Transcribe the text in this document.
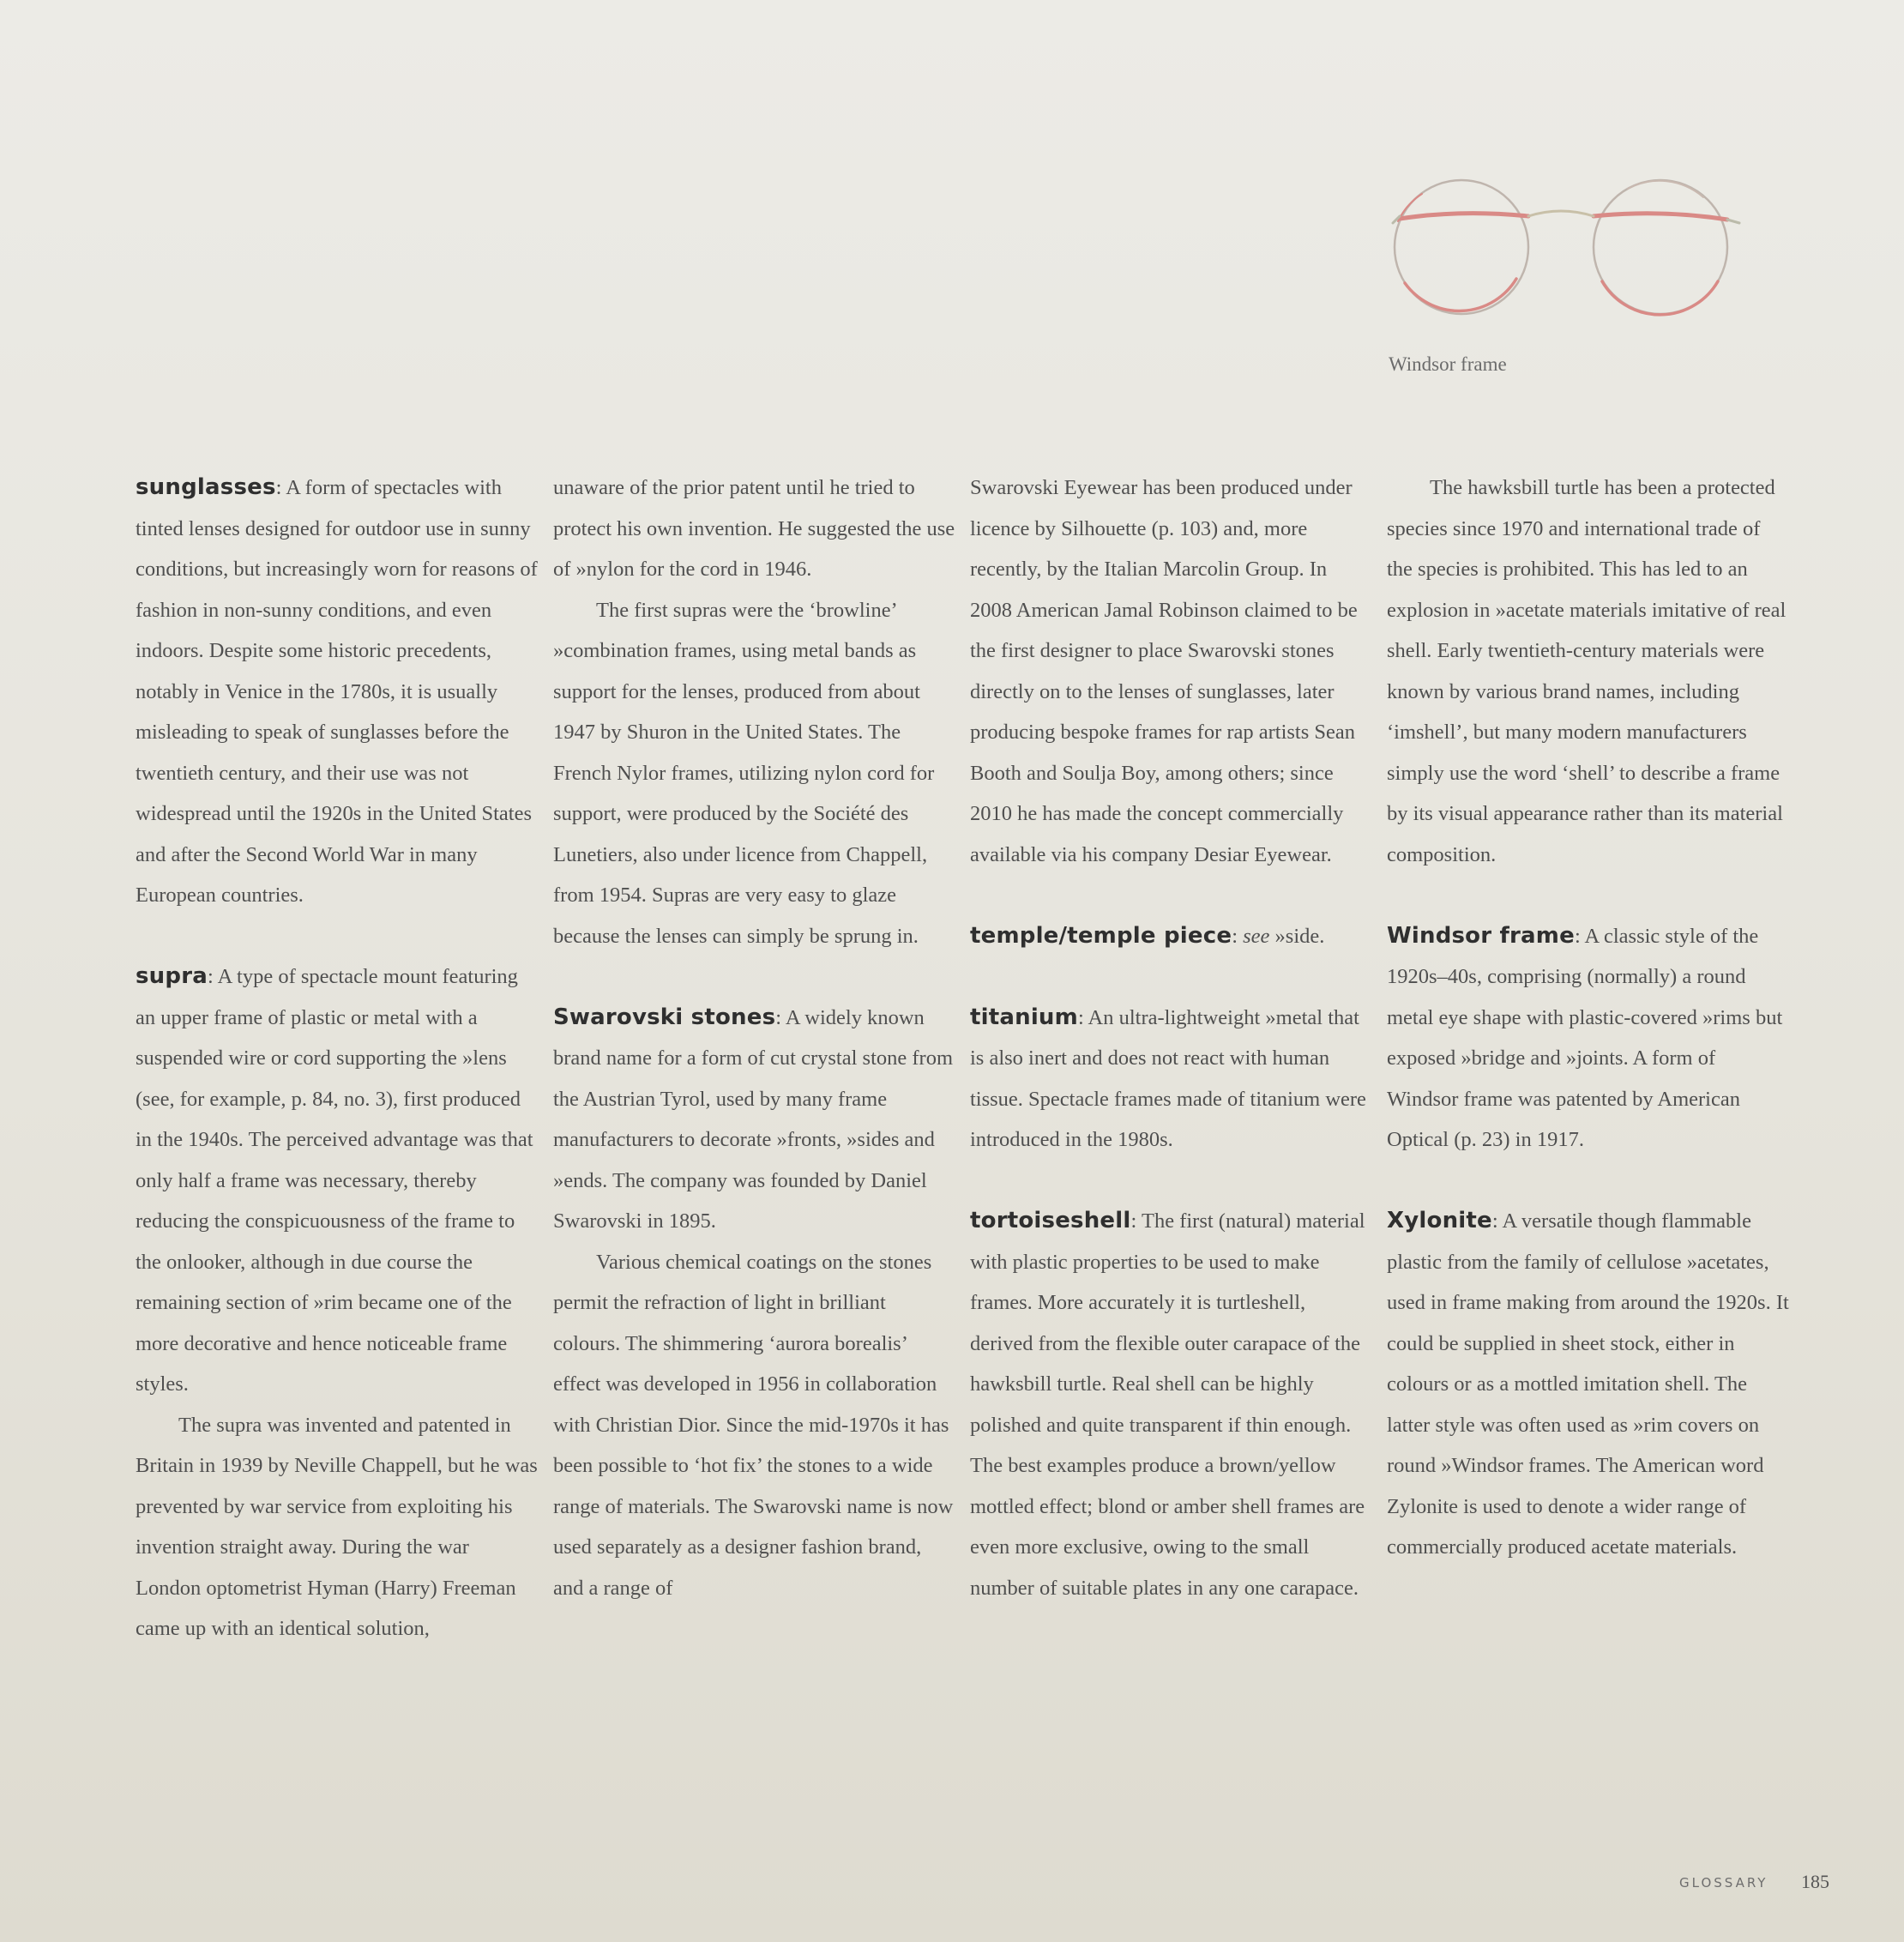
Windsor frame

sunglasses: A form of spectacles with tinted lenses designed for outdoor use in sunny conditions, but increasingly worn for reasons of fashion in non-sunny conditions, and even indoors. Despite some historic precedents, notably in Venice in the 1780s, it is usually misleading to speak of sunglasses before the twentieth century, and their use was not widespread until the 1920s in the United States and after the Second World War in many European countries.

supra: A type of spectacle mount featuring an upper frame of plastic or metal with a suspended wire or cord supporting the »lens (see, for example, p. 84, no. 3), first produced in the 1940s. The perceived advantage was that only half a frame was necessary, thereby reducing the conspicuousness of the frame to the onlooker, although in due course the remaining section of »rim became one of the more decorative and hence noticeable frame styles.

The supra was invented and patented in Britain in 1939 by Neville Chappell, but he was prevented by war service from exploiting his invention straight away. During the war London optometrist Hyman (Harry) Freeman came up with an identical solution,

unaware of the prior patent until he tried to protect his own invention. He suggested the use of »nylon for the cord in 1946.

The first supras were the ‘browline’ »combination frames, using metal bands as support for the lenses, produced from about 1947 by Shuron in the United States. The French Nylor frames, utilizing nylon cord for support, were produced by the Société des Lunetiers, also under licence from Chappell, from 1954. Supras are very easy to glaze because the lenses can simply be sprung in.

Swarovski stones: A widely known brand name for a form of cut crystal stone from the Austrian Tyrol, used by many frame manufacturers to decorate »fronts, »sides and »ends. The company was founded by Daniel Swarovski in 1895.

Various chemical coatings on the stones permit the refraction of light in brilliant colours. The shimmering ‘aurora borealis’ effect was developed in 1956 in collaboration with Christian Dior. Since the mid-1970s it has been possible to ‘hot fix’ the stones to a wide range of materials. The Swarovski name is now used separately as a designer fashion brand, and a range of

Swarovski Eyewear has been produced under licence by Silhouette (p. 103) and, more recently, by the Italian Marcolin Group. In 2008 American Jamal Robinson claimed to be the first designer to place Swarovski stones directly on to the lenses of sunglasses, later producing bespoke frames for rap artists Sean Booth and Soulja Boy, among others; since 2010 he has made the concept commercially available via his company Desiar Eyewear.

temple/temple piece: see »side.

titanium: An ultra-lightweight »metal that is also inert and does not react with human tissue. Spectacle frames made of titanium were introduced in the 1980s.

tortoiseshell: The first (natural) material with plastic properties to be used to make frames. More accurately it is turtleshell, derived from the flexible outer carapace of the hawksbill turtle. Real shell can be highly polished and quite transparent if thin enough. The best examples produce a brown/yellow mottled effect; blond or amber shell frames are even more exclusive, owing to the small number of suitable plates in any one carapace.

The hawksbill turtle has been a protected species since 1970 and international trade of the species is prohibited. This has led to an explosion in »acetate materials imitative of real shell. Early twentieth-century materials were known by various brand names, including ‘imshell’, but many modern manufacturers simply use the word ‘shell’ to describe a frame by its visual appearance rather than its material composition.

Windsor frame: A classic style of the 1920s–40s, comprising (normally) a round metal eye shape with plastic-covered »rims but exposed »bridge and »joints. A form of Windsor frame was patented by American Optical (p. 23) in 1917.

Xylonite: A versatile though flammable plastic from the family of cellulose »acetates, used in frame making from around the 1920s. It could be supplied in sheet stock, either in colours or as a mottled imitation shell. The latter style was often used as »rim covers on round »Windsor frames. The American word Zylonite is used to denote a wider range of commercially produced acetate materials.

GLOSSARY 185
